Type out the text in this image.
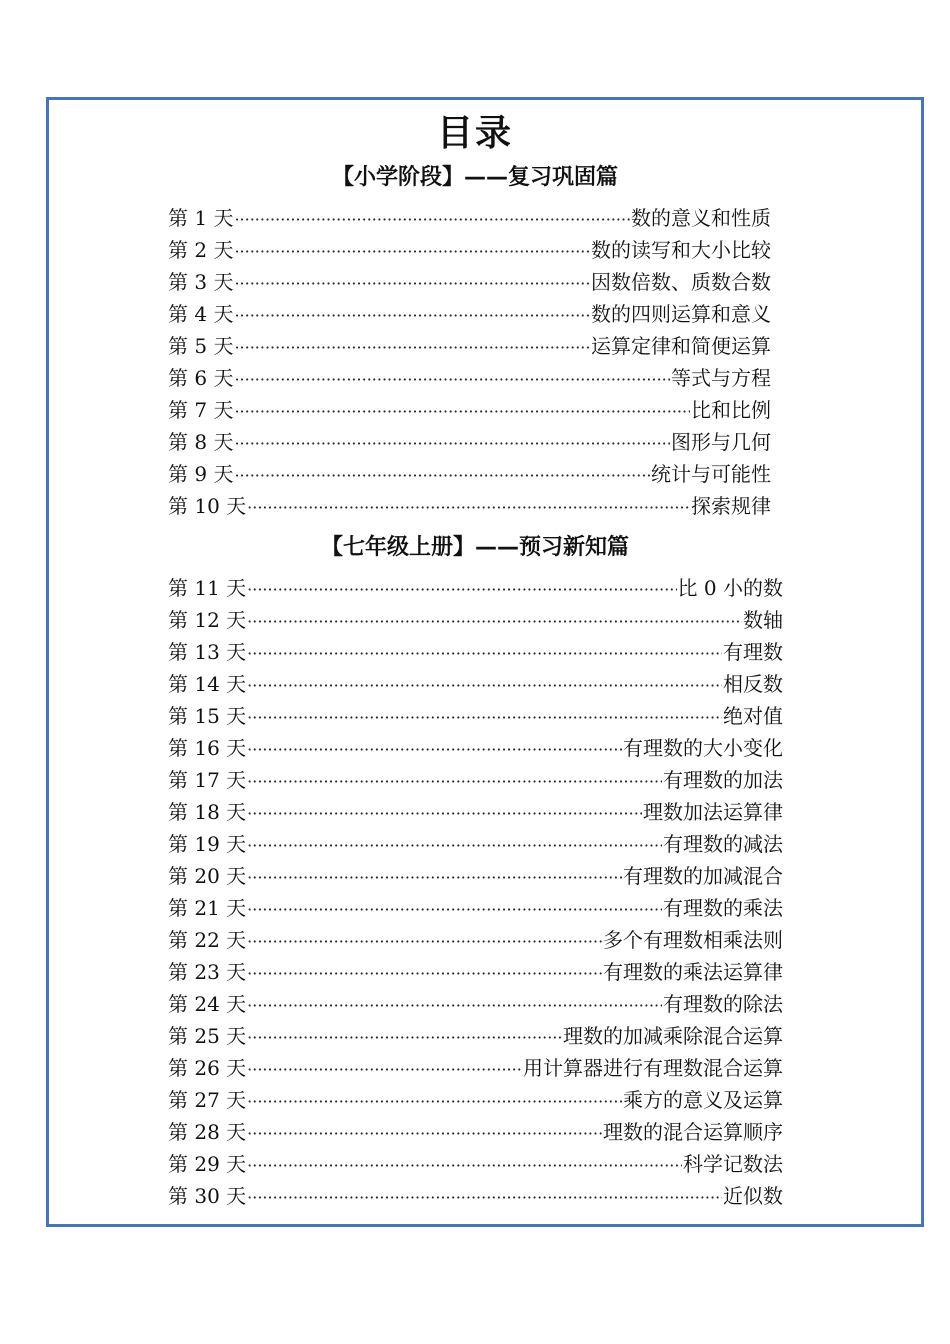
目录
【小学阶段】——复习巩固篇
第 1 天 ·····	数的意义和性质
第 2 天 ·····	数的读写和大小比较
第 3 天 ·····	因数倍数、质数合数
第 4 天 ·····	数的四则运算和意义
第 5 天 ·····	运算定律和简便运算
第 6 天 ·····	等式与方程
第 7 天 ·····	比和比例
第 8 天 ·····	图形与几何
第 9 天 ·····	统计与可能性
第 10 天 ·····	探索规律
【七年级上册】——预习新知篇
第 11 天 ·····	比 0 小的数
第 12 天 ·····	数轴
第 13 天 ·····	有理数
第 14 天 ·····	相反数
第 15 天 ·····	绝对值
第 16 天 ·····	有理数的大小变化
第 17 天 ·····	有理数的加法
第 18 天 ·····	理数加法运算律
第 19 天 ·····	有理数的减法
第 20 天 ·····	有理数的加减混合
第 21 天 ·····	有理数的乘法
第 22 天 ·····	多个有理数相乘法则
第 23 天 ·····	有理数的乘法运算律
第 24 天 ·····	有理数的除法
第 25 天 ·····	理数的加减乘除混合运算
第 26 天 ·····	用计算器进行有理数混合运算
第 27 天 ·····	乘方的意义及运算
第 28 天 ·····	理数的混合运算顺序
第 29 天 ·····	科学记数法
第 30 天 ·····	近似数
